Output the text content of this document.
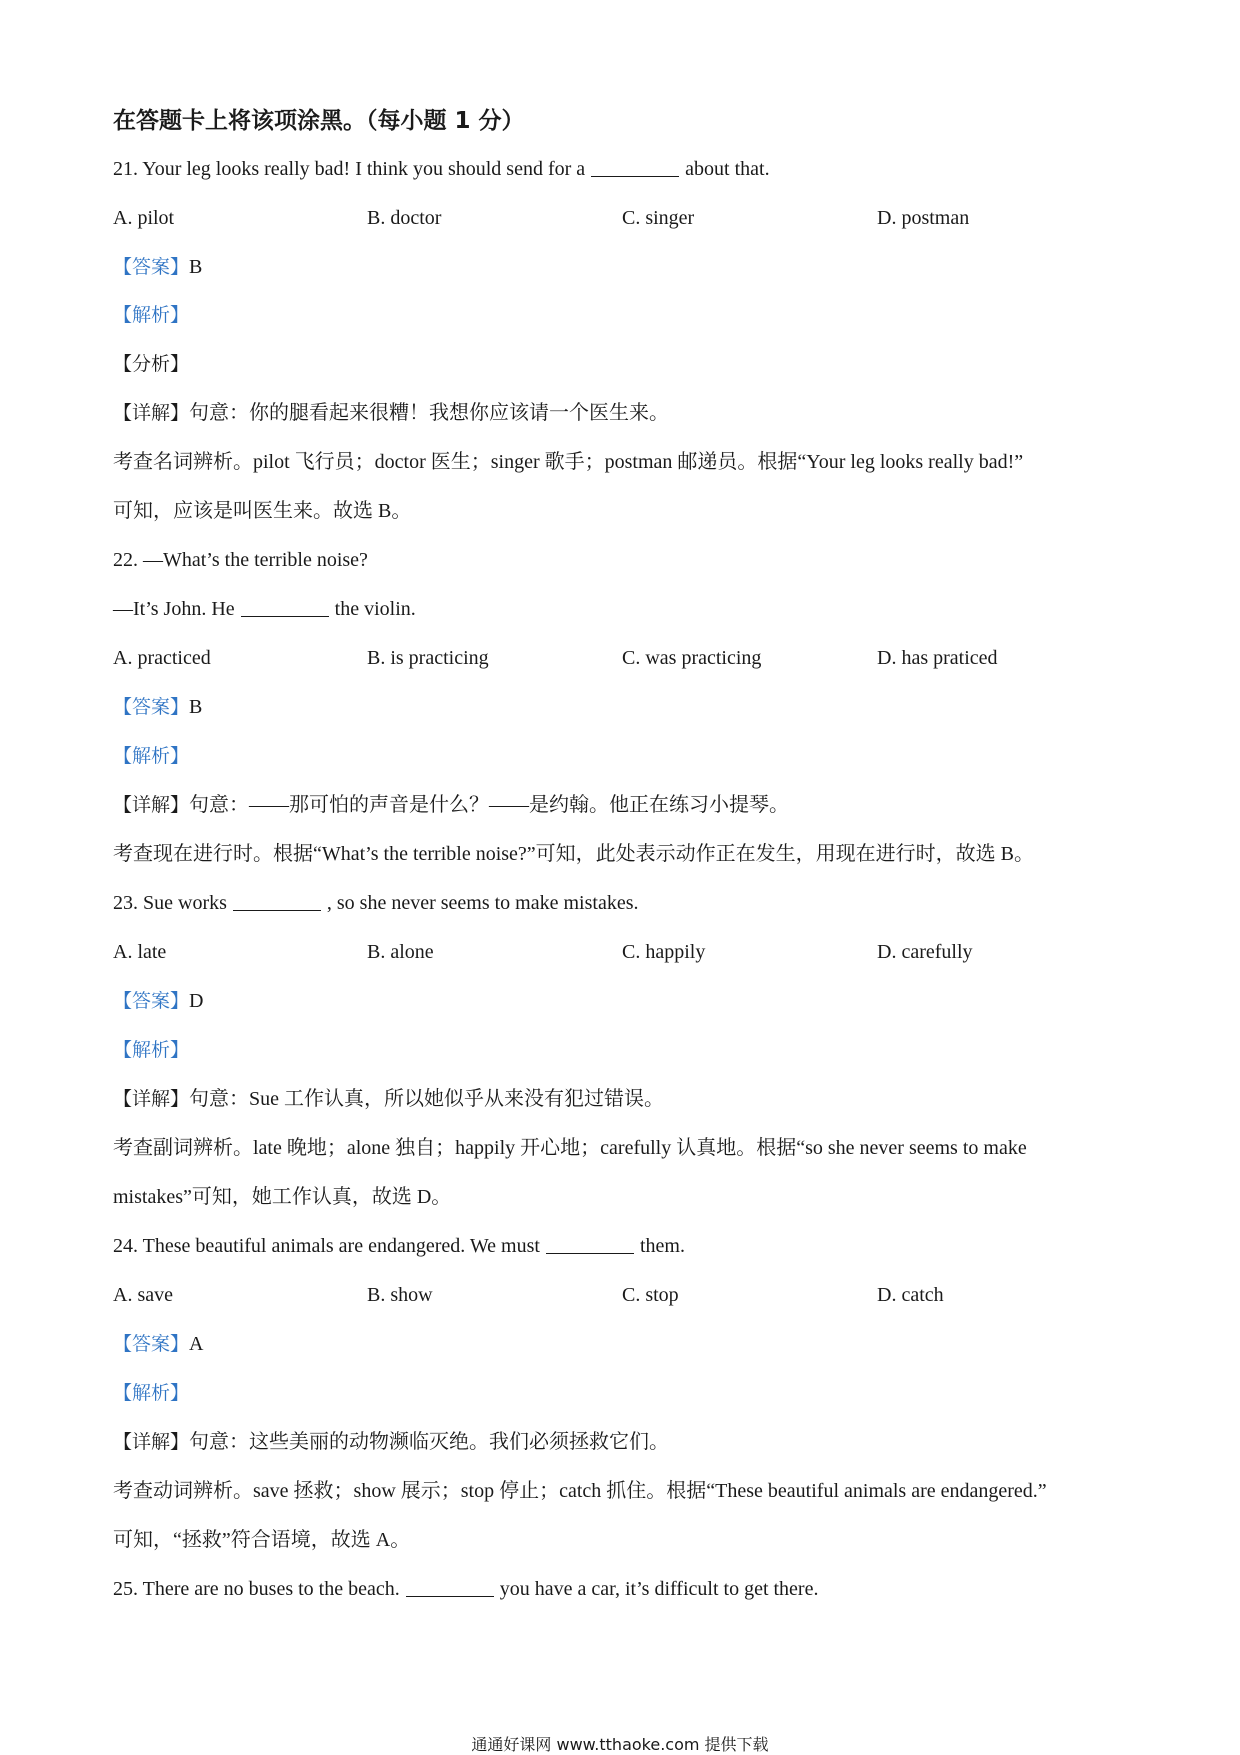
在答题卡上将该项涂黑。（每小题 1 分）
21. Your leg looks really bad! I think you should send for a	about that.
A. pilot	B. doctor	C. singer	D. postman
【答案】B
【解析】
【分析】
【详解】句意：你的腿看起来很糟！我想你应该请一个医生来。
考查名词辨析。pilot 飞行员；doctor 医生；singer 歌手；postman 邮递员。根据“Your leg looks really bad!”
可知，应该是叫医生来。故选 B。
22. —What’s the terrible noise?
—It’s John. He	the violin.
A. practiced	B. is practicing	C. was practicing	D. has praticed
【答案】B
【解析】
【详解】句意：——那可怕的声音是什么？——是约翰。他正在练习小提琴。
考查现在进行时。根据“What’s the terrible noise?”可知，此处表示动作正在发生，用现在进行时，故选 B。
23. Sue works	, so she never seems to make mistakes.
A. late	B. alone	C. happily	D. carefully
【答案】D
【解析】
【详解】句意：Sue 工作认真，所以她似乎从来没有犯过错误。
考查副词辨析。late 晚地；alone 独自；happily 开心地；carefully 认真地。根据“so she never seems to make
mistakes”可知，她工作认真，故选 D。
24. These beautiful animals are endangered. We must	them.
A. save	B. show	C. stop	D. catch
【答案】A
【解析】
【详解】句意：这些美丽的动物濒临灭绝。我们必须拯救它们。
考查动词辨析。save 拯救；show 展示；stop 停止；catch 抓住。根据“These beautiful animals are endangered.”
可知，“拯救”符合语境，故选 A。
25. There are no buses to the beach.	you have a car, it’s difficult to get there.
通通好课网 www.tthaoke.com 提供下载
